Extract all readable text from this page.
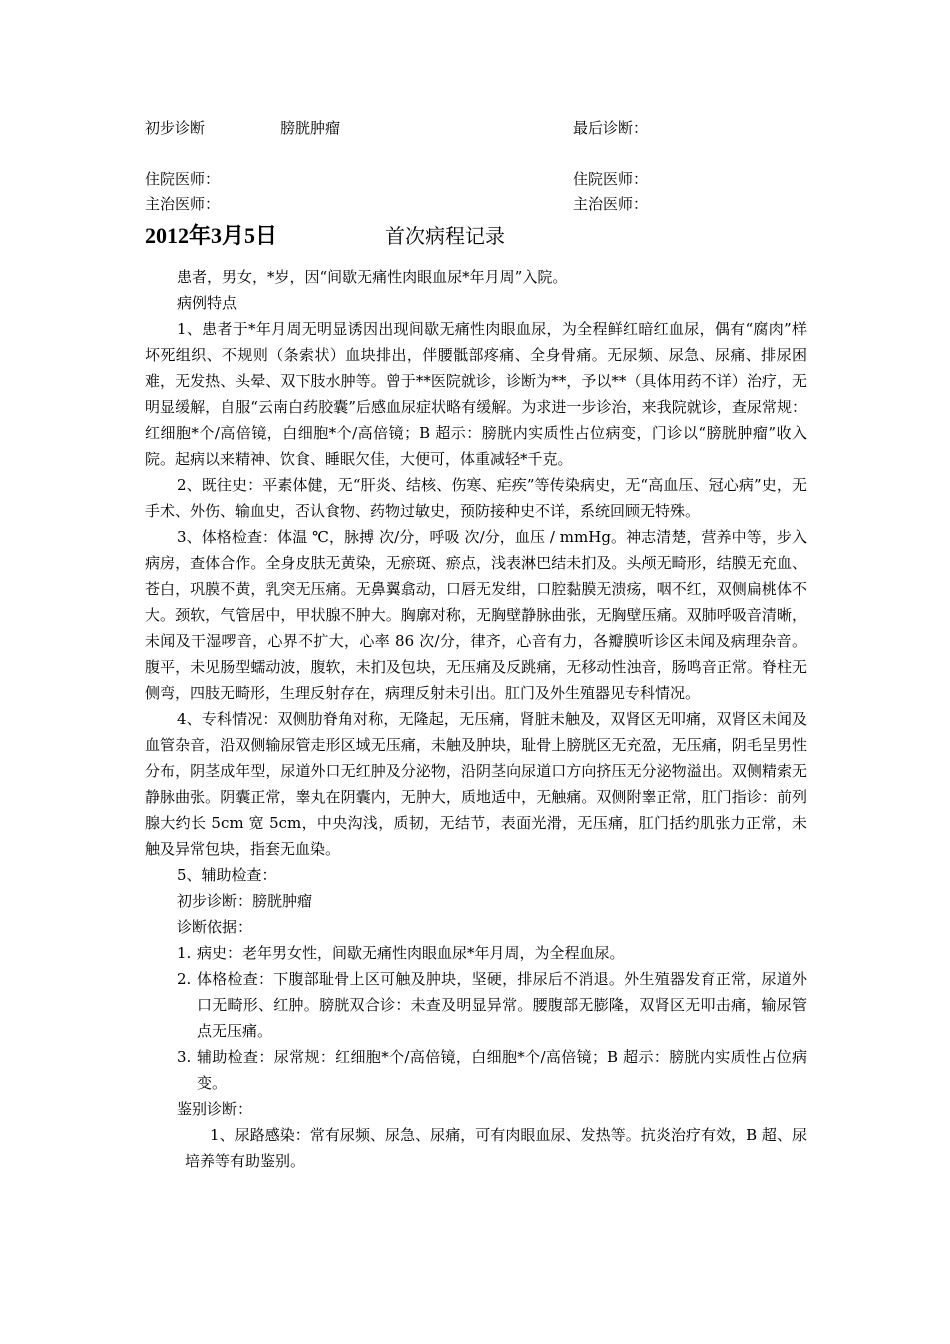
初步诊断	膀胱肿瘤	最后诊断：
住院医师：	住院医师：
主治医师：	主治医师：
2012年3月5日	首次病程记录

患者，男女，*岁，因“间歇无痛性肉眼血尿*年月周”入院。

病例特点

1、患者于*年月周无明显诱因出现间歇无痛性肉眼血尿，为全程鲜红暗红血尿，偶有“腐肉”样坏死组织、不规则（条索状）血块排出，伴腰骶部疼痛、全身骨痛。无尿频、尿急、尿痛、排尿困难，无发热、头晕、双下肢水肿等。曾于**医院就诊，诊断为**，予以**（具体用药不详）治疗，无明显缓解，自服“云南白药胶囊”后感血尿症状略有缓解。为求进一步诊治，来我院就诊，查尿常规：红细胞*个/高倍镜，白细胞*个/高倍镜；B 超示：膀胱内实质性占位病变，门诊以“膀胱肿瘤”收入院。起病以来精神、饮食、睡眠欠佳，大便可，体重减轻*千克。

2、既往史：平素体健，无“肝炎、结核、伤寒、疟疾”等传染病史，无“高血压、冠心病”史，无手术、外伤、输血史，否认食物、药物过敏史，预防接种史不详，系统回顾无特殊。

3、体格检查：体温 ℃，脉搏 次/分，呼吸 次/分，血压 / mmHg。神志清楚，营养中等，步入病房，查体合作。全身皮肤无黄染，无瘀斑、瘀点，浅表淋巴结未扪及。头颅无畸形，结膜无充血、苍白，巩膜不黄，乳突无压痛。无鼻翼翕动，口唇无发绀，口腔黏膜无溃疡，咽不红，双侧扁桃体不大。颈软，气管居中，甲状腺不肿大。胸廓对称，无胸壁静脉曲张，无胸壁压痛。双肺呼吸音清晰，未闻及干湿啰音，心界不扩大，心率 86 次/分，律齐，心音有力，各瓣膜听诊区未闻及病理杂音。腹平，未见肠型蠕动波，腹软，未扪及包块，无压痛及反跳痛，无移动性浊音，肠鸣音正常。脊柱无侧弯，四肢无畸形，生理反射存在，病理反射未引出。肛门及外生殖器见专科情况。

4、专科情况：双侧肋脊角对称，无隆起，无压痛，肾脏未触及，双肾区无叩痛，双肾区未闻及血管杂音，沿双侧输尿管走形区域无压痛，未触及肿块，耻骨上膀胱区无充盈，无压痛，阴毛呈男性分布，阴茎成年型，尿道外口无红肿及分泌物，沿阴茎向尿道口方向挤压无分泌物溢出。双侧精索无静脉曲张。阴囊正常，睾丸在阴囊内，无肿大，质地适中，无触痛。双侧附睾正常，肛门指诊：前列腺大约长 5cm 宽 5cm，中央沟浅，质韧，无结节，表面光滑，无压痛，肛门括约肌张力正常，未触及异常包块，指套无血染。

5、辅助检查：

初步诊断：膀胱肿瘤

诊断依据：

1. 病史：老年男女性，间歇无痛性肉眼血尿*年月周，为全程血尿。
2. 体格检查：下腹部耻骨上区可触及肿块，坚硬，排尿后不消退。外生殖器发育正常，尿道外口无畸形、红肿。膀胱双合诊：未查及明显异常。腰腹部无膨隆，双肾区无叩击痛，输尿管点无压痛。
3. 辅助检查：尿常规：红细胞*个/高倍镜，白细胞*个/高倍镜；B 超示：膀胱内实质性占位病变。

鉴别诊断：

1、尿路感染：常有尿频、尿急、尿痛，可有肉眼血尿、发热等。抗炎治疗有效，B 超、尿培养等有助鉴别。
